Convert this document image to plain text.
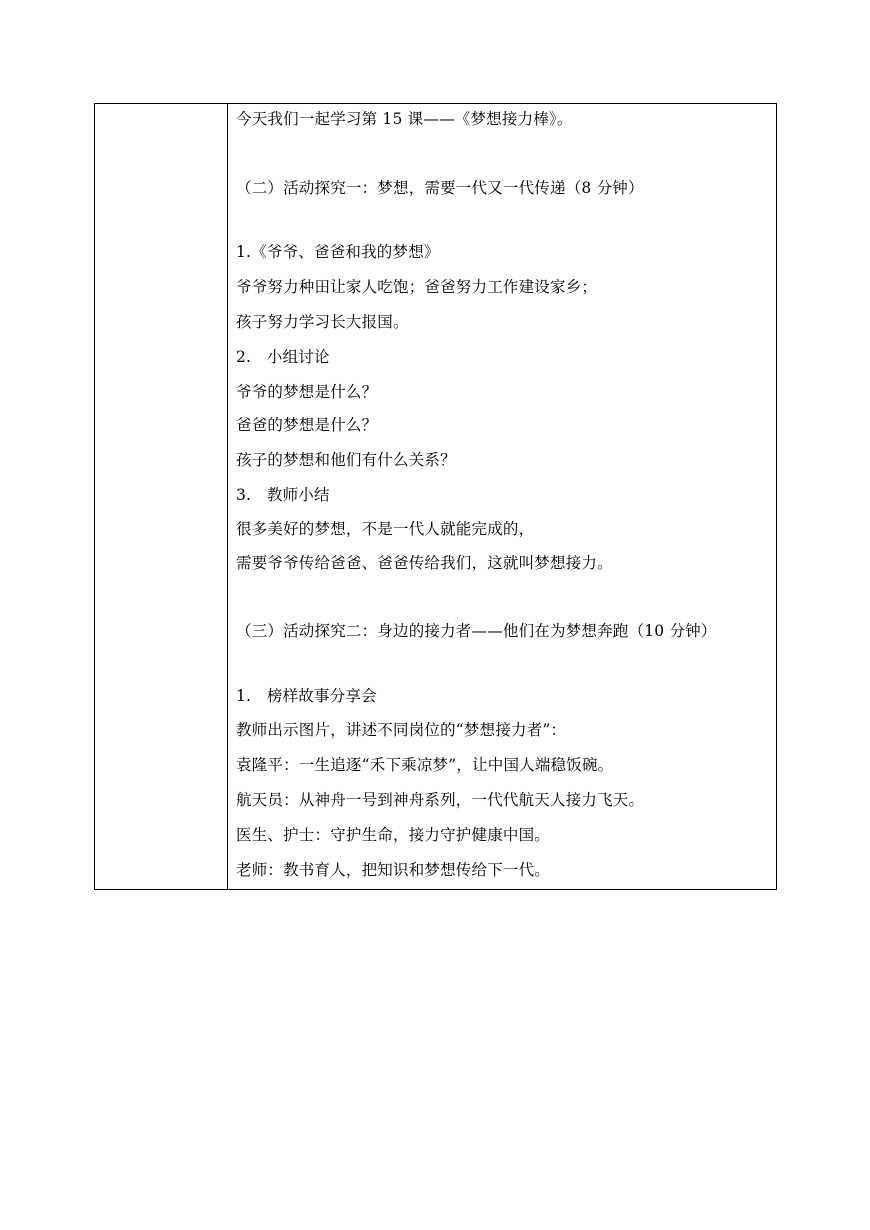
今天我们一起学习第 15 课——《梦想接力棒》。
（二）活动探究一：梦想，需要一代又一代传递（8 分钟）
1.《爷爷、爸爸和我的梦想》
爷爷努力种田让家人吃饱；爸爸努力工作建设家乡；
孩子努力学习长大报国。
2.　小组讨论
爷爷的梦想是什么？
爸爸的梦想是什么？
孩子的梦想和他们有什么关系？
3.　教师小结
很多美好的梦想，不是一代人就能完成的，
需要爷爷传给爸爸、爸爸传给我们，这就叫梦想接力。
（三）活动探究二：身边的接力者——他们在为梦想奔跑（10 分钟）
1.　榜样故事分享会
教师出示图片，讲述不同岗位的“梦想接力者”：
袁隆平：一生追逐“禾下乘凉梦”，让中国人端稳饭碗。
航天员：从神舟一号到神舟系列，一代代航天人接力飞天。
医生、护士：守护生命，接力守护健康中国。
老师：教书育人，把知识和梦想传给下一代。
